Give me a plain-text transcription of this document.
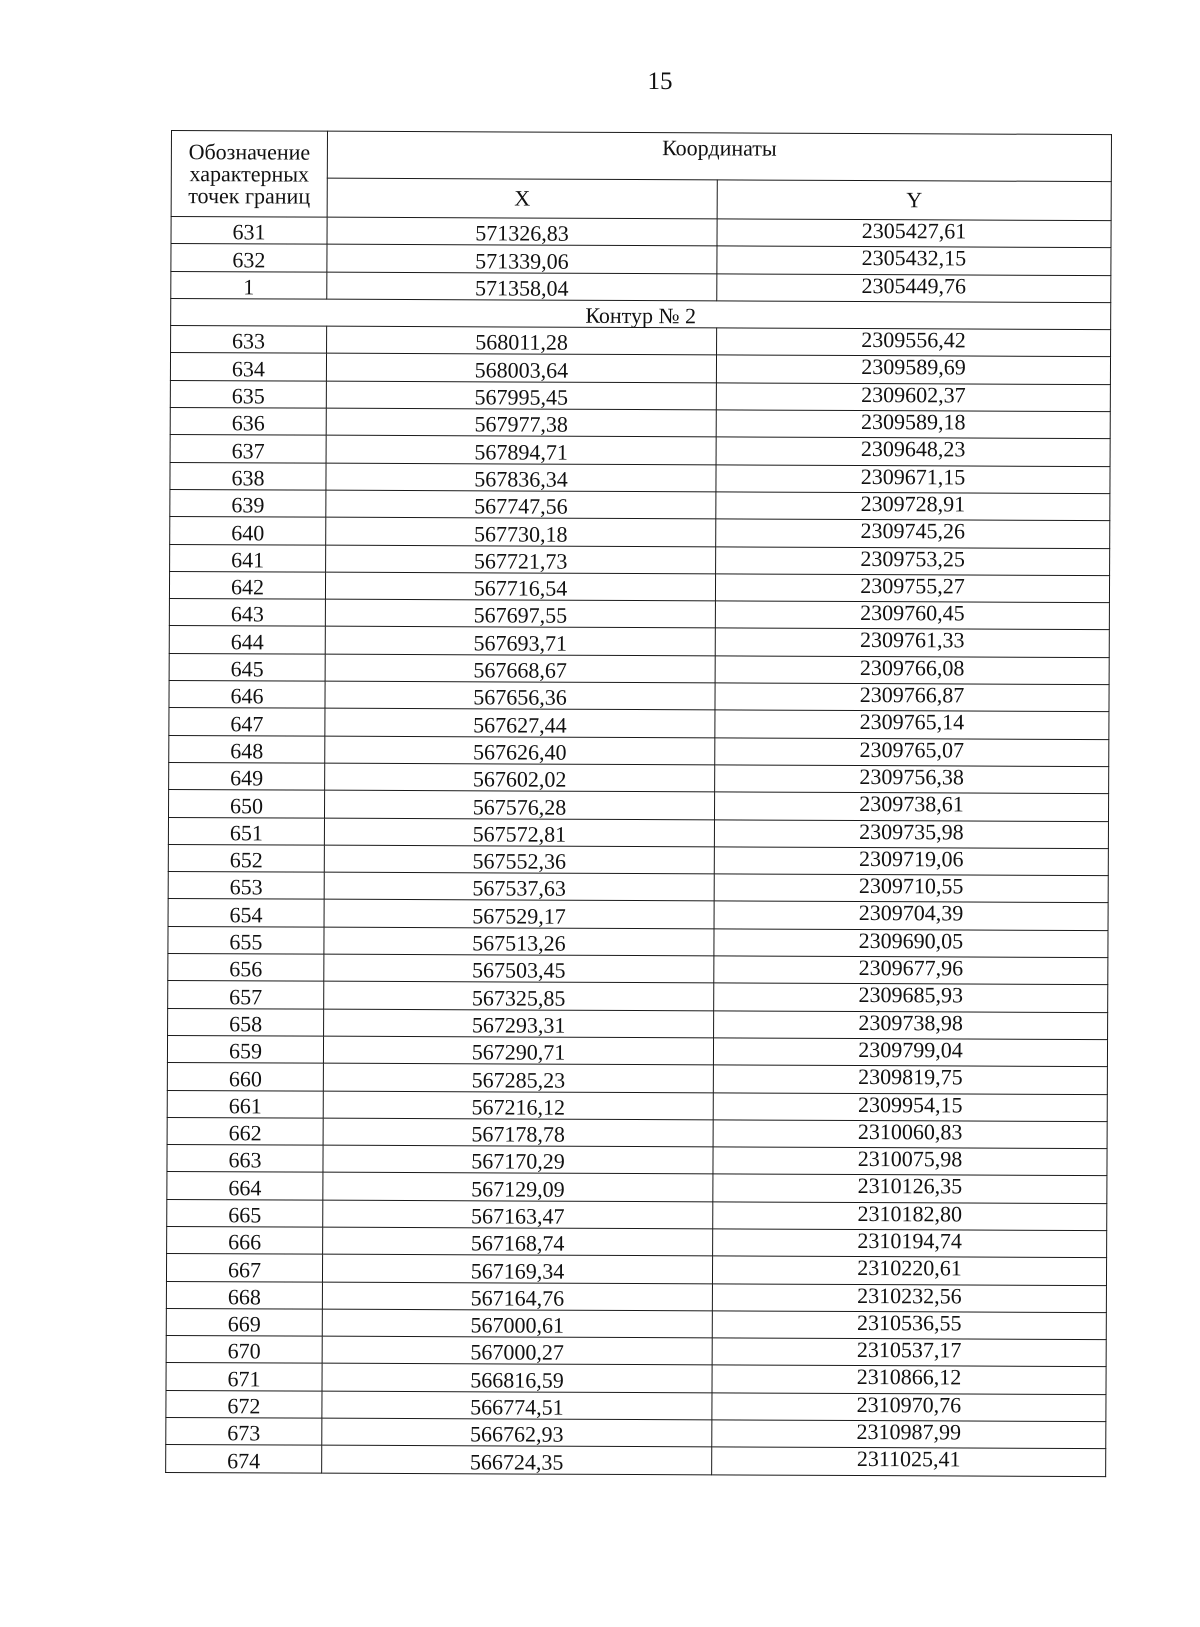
15
Обозначение характерных точек границ	Координаты	
	X	Y
631	571326,83	2305427,61
632	571339,06	2305432,15
1	571358,04	2305449,76
Контур № 2		
633	568011,28	2309556,42
634	568003,64	2309589,69
635	567995,45	2309602,37
636	567977,38	2309589,18
637	567894,71	2309648,23
638	567836,34	2309671,15
639	567747,56	2309728,91
640	567730,18	2309745,26
641	567721,73	2309753,25
642	567716,54	2309755,27
643	567697,55	2309760,45
644	567693,71	2309761,33
645	567668,67	2309766,08
646	567656,36	2309766,87
647	567627,44	2309765,14
648	567626,40	2309765,07
649	567602,02	2309756,38
650	567576,28	2309738,61
651	567572,81	2309735,98
652	567552,36	2309719,06
653	567537,63	2309710,55
654	567529,17	2309704,39
655	567513,26	2309690,05
656	567503,45	2309677,96
657	567325,85	2309685,93
658	567293,31	2309738,98
659	567290,71	2309799,04
660	567285,23	2309819,75
661	567216,12	2309954,15
662	567178,78	2310060,83
663	567170,29	2310075,98
664	567129,09	2310126,35
665	567163,47	2310182,80
666	567168,74	2310194,74
667	567169,34	2310220,61
668	567164,76	2310232,56
669	567000,61	2310536,55
670	567000,27	2310537,17
671	566816,59	2310866,12
672	566774,51	2310970,76
673	566762,93	2310987,99
674	566724,35	2311025,41
